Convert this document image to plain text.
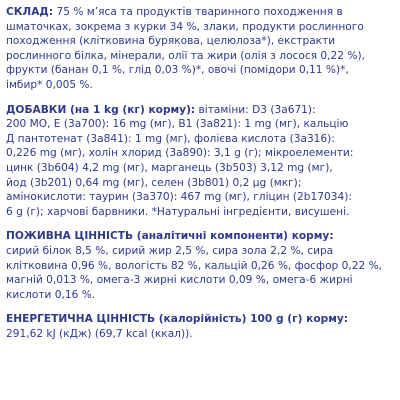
СКЛАД: 75 % м’яса та продуктів тваринного походження в
шматочках, зокрема з курки 34 %, злаки, продукти рослинного
походження (клітковина бурякова, целюлоза*), екстракти
рослинного білка, мінерали, олії та жири (олія з лосося 0,22 %),
фрукти (банан 0,1 %, глід 0,03 %)*, овочі (помідори 0,11 %)*,
імбир* 0,005 %.
ДОБАВКИ (на 1 kg (кг) корму): вітаміни: D3 (3a671):
200 МО, Е (3a700): 16 mg (мг), B1 (3a821): 1 mg (мг), кальцію
Д пантотенат (3a841): 1 mg (мг), фолієва кислота (3a316):
0,226 mg (мг), холін хлорид (3a890): 3,1 g (г); мікроелементи:
цинк (3b604) 4,2 mg (мг), марганець (3b503) 3,12 mg (мг),
йод (3b201) 0,64 mg (мг), селен (3b801) 0,2 µg (мкг);
амінокислоти: таурин (3a370): 467 mg (мг), гліцин (2b17034):
6 g (г); харчові барвники. *Натуральні інгредієнти, висушені.
ПОЖИВНА ЦІННІСТЬ (аналітичні компоненти) корму:
сирий білок 8,5 %, сирий жир 2,5 %, сира зола 2,2 %, сира
клітковина 0,96 %, вологість 82 %, кальцій 0,26 %, фосфор 0,22 %,
магній 0,013 %, омега-3 жирні кислоти 0,09 %, омега-6 жирні
кислоти 0,16 %.
ЕНЕРГЕТИЧНА ЦІННІСТЬ (калорійність) 100 g (г) корму:
291,62 kJ (кДж) (69,7 kcal (ккал)).
